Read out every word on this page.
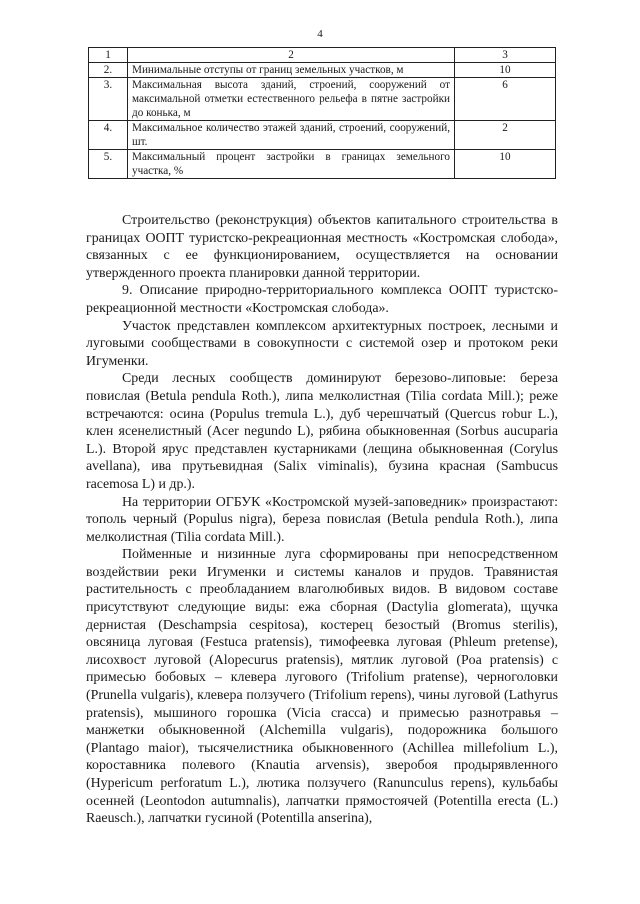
4
1	2	3
2.	Минимальные отступы от границ земельных участков, м	10
3.	Максимальная высота зданий, строений, сооружений от максимальной отметки естественного рельефа в пятне застройки до конька, м	6
4.	Максимальное количество этажей зданий, строений, сооружений, шт.	2
5.	Максимальный процент застройки в границах земельного участка, %	10

Строительство (реконструкция) объектов капитального строительства в границах ООПТ туристско-рекреационная местность «Костромская слобода», связанных с ее функционированием, осуществляется на основании утвержденного проекта планировки данной территории.

9. Описание природно-территориального комплекса ООПТ туристско-рекреационной местности «Костромская слобода».

Участок представлен комплексом архитектурных построек, лесными и луговыми сообществами в совокупности с системой озер и протоком реки Игуменки.

Среди лесных сообществ доминируют березово-липовые: береза повислая (Betula pendula Roth.), липа мелколистная (Tilia cordata Mill.); реже встречаются: осина (Populus tremula L.), дуб черешчатый (Quercus robur L.), клен ясенелистный (Acer negundo L), рябина обыкновенная (Sorbus aucuparia L.). Второй ярус представлен кустарниками (лещина обыкновенная (Corylus avellana), ива прутьевидная (Salix viminalis), бузина красная (Sambucus racemosa L) и др.).

На территории ОГБУК «Костромской музей-заповедник» произрастают: тополь черный (Populus nigra), береза повислая (Betula pendula Roth.), липа мелколистная (Tilia cordata Mill.).

Пойменные и низинные луга сформированы при непосредственном воздействии реки Игуменки и системы каналов и прудов. Травянистая растительность с преобладанием влаголюбивых видов. В видовом составе присутствуют следующие виды: ежа сборная (Dactylia glomerata), щучка дернистая (Deschampsia cespitosa), костерец безостый (Bromus sterilis), овсяница луговая (Festuca pratensis), тимофеевка луговая (Phleum pretense), лисохвост луговой (Alopecurus pratensis), мятлик луговой (Poa pratensis) с примесью бобовых – клевера лугового (Trifolium pratense), черноголовки (Prunella vulgaris), клевера ползучего (Trifolium repens), чины луговой (Lathyrus pratensis), мышиного горошка (Vicia cracca) и примесью разнотравья – манжетки обыкновенной (Alchemilla vulgaris), подорожника большого (Plantago maior), тысячелистника обыкновенного (Achillea millefolium L.), короставника полевого (Knautia arvensis), зверобоя продырявленного (Hypericum perforatum L.), лютика ползучего (Ranunculus repens), кульбабы осенней (Leontodon autumnalis), лапчатки прямостоячей (Potentilla erecta (L.) Raeusch.), лапчатки гусиной (Potentilla anserina),
